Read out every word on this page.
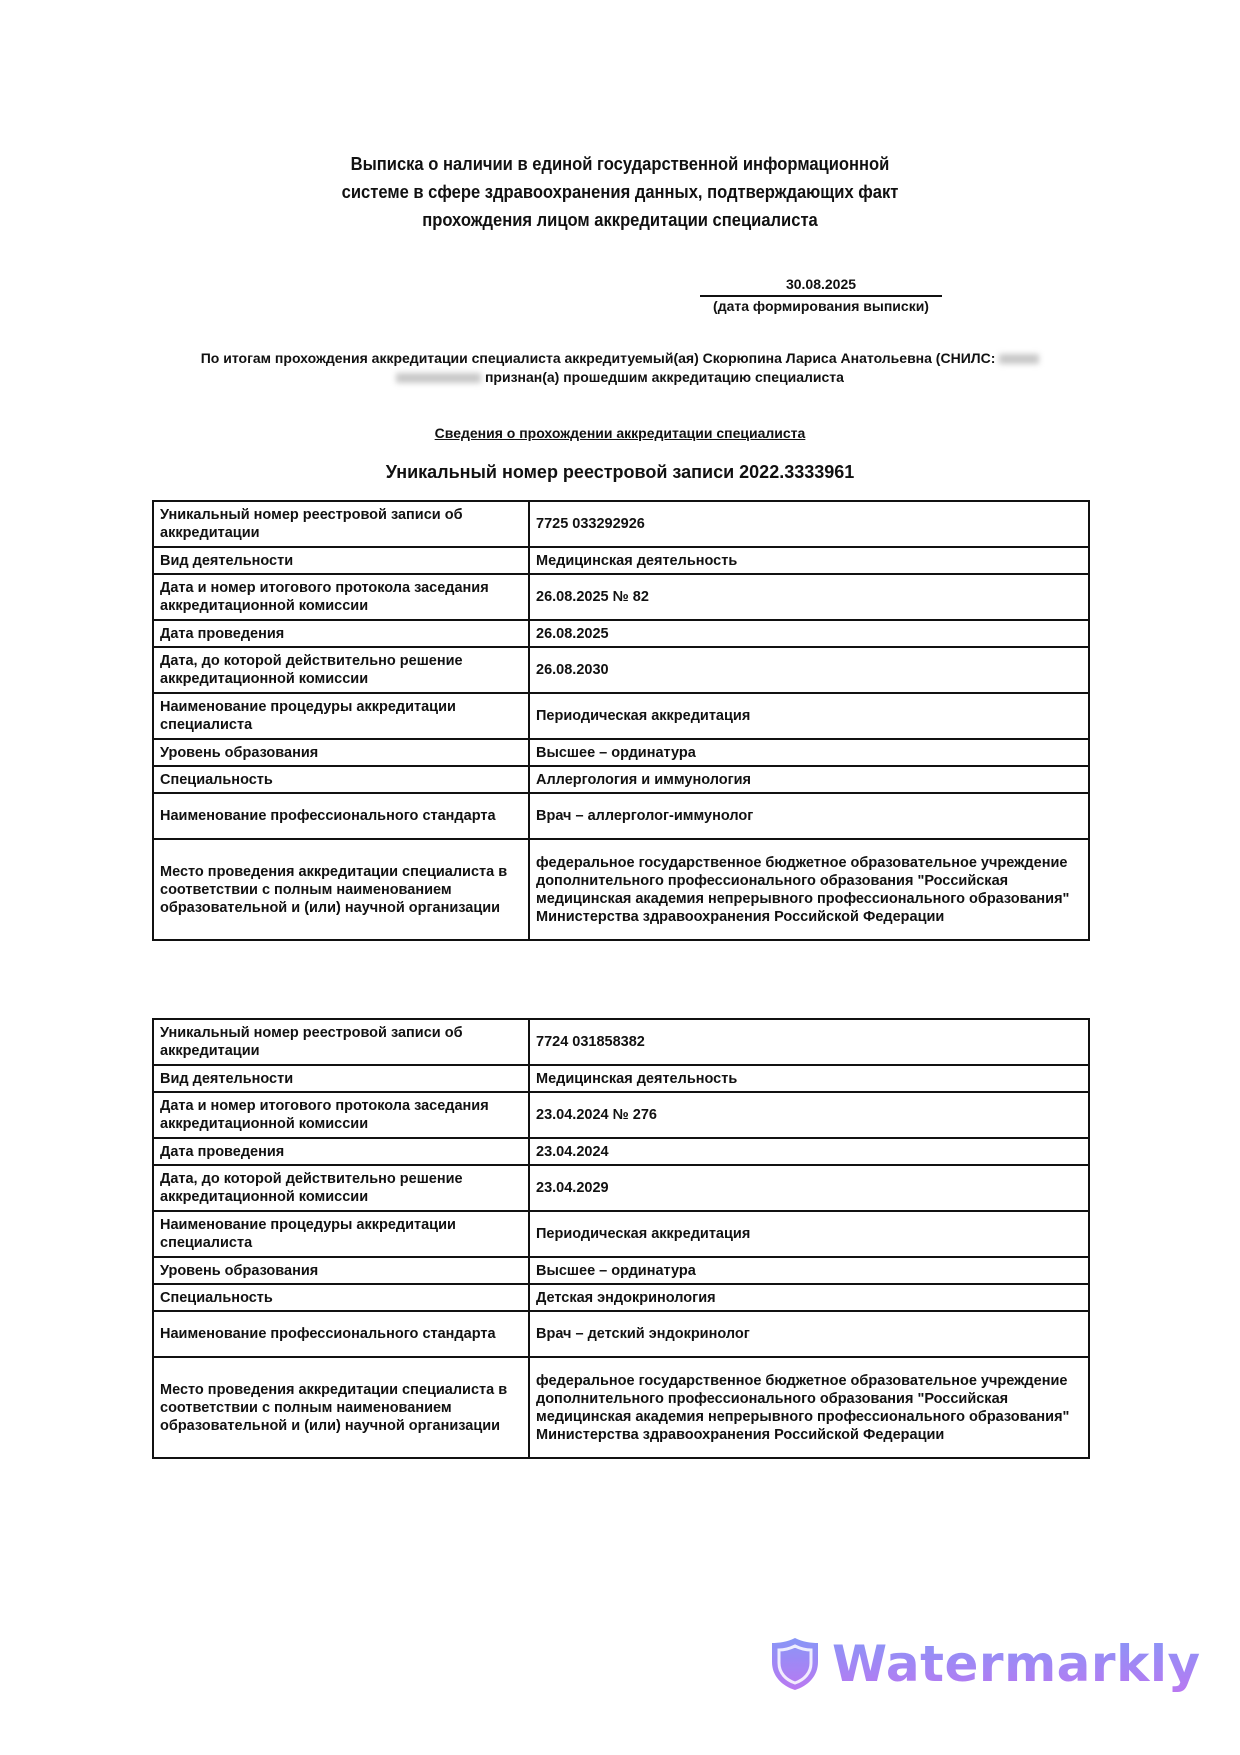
Выписка о наличии в единой государственной информационной
системе в сфере здравоохранения данных, подтверждающих факт
прохождения лицом аккредитации специалиста
30.08.2025
(дата формирования выписки)
По итогам прохождения аккредитации специалиста аккредитуемый(ая) Скорюпина Лариса Анатольевна (СНИЛС:
признан(а) прошедшим аккредитацию специалиста
Сведения о прохождении аккредитации специалиста
Уникальный номер реестровой записи 2022.3333961
Уникальный номер реестровой записи об аккредитации	7725 033292926
Вид деятельности	Медицинская деятельность
Дата и номер итогового протокола заседания аккредитационной комиссии	26.08.2025 № 82
Дата проведения	26.08.2025
Дата, до которой действительно решение аккредитационной комиссии	26.08.2030
Наименование процедуры аккредитации специалиста	Периодическая аккредитация
Уровень образования	Высшее – ординатура
Специальность	Аллергология и иммунология
Наименование профессионального стандарта	Врач – аллерголог-иммунолог
Место проведения аккредитации специалиста в соответствии с полным наименованием образовательной и (или) научной организации	федеральное государственное бюджетное образовательное учреждение дополнительного профессионального образования "Российская медицинская академия непрерывного профессионального образования" Министерства здравоохранения Российской Федерации
Уникальный номер реестровой записи об аккредитации	7724 031858382
Вид деятельности	Медицинская деятельность
Дата и номер итогового протокола заседания аккредитационной комиссии	23.04.2024 № 276
Дата проведения	23.04.2024
Дата, до которой действительно решение аккредитационной комиссии	23.04.2029
Наименование процедуры аккредитации специалиста	Периодическая аккредитация
Уровень образования	Высшее – ординатура
Специальность	Детская эндокринология
Наименование профессионального стандарта	Врач – детский эндокринолог
Место проведения аккредитации специалиста в соответствии с полным наименованием образовательной и (или) научной организации	федеральное государственное бюджетное образовательное учреждение дополнительного профессионального образования "Российская медицинская академия непрерывного профессионального образования" Министерства здравоохранения Российской Федерации
Watermarkly
